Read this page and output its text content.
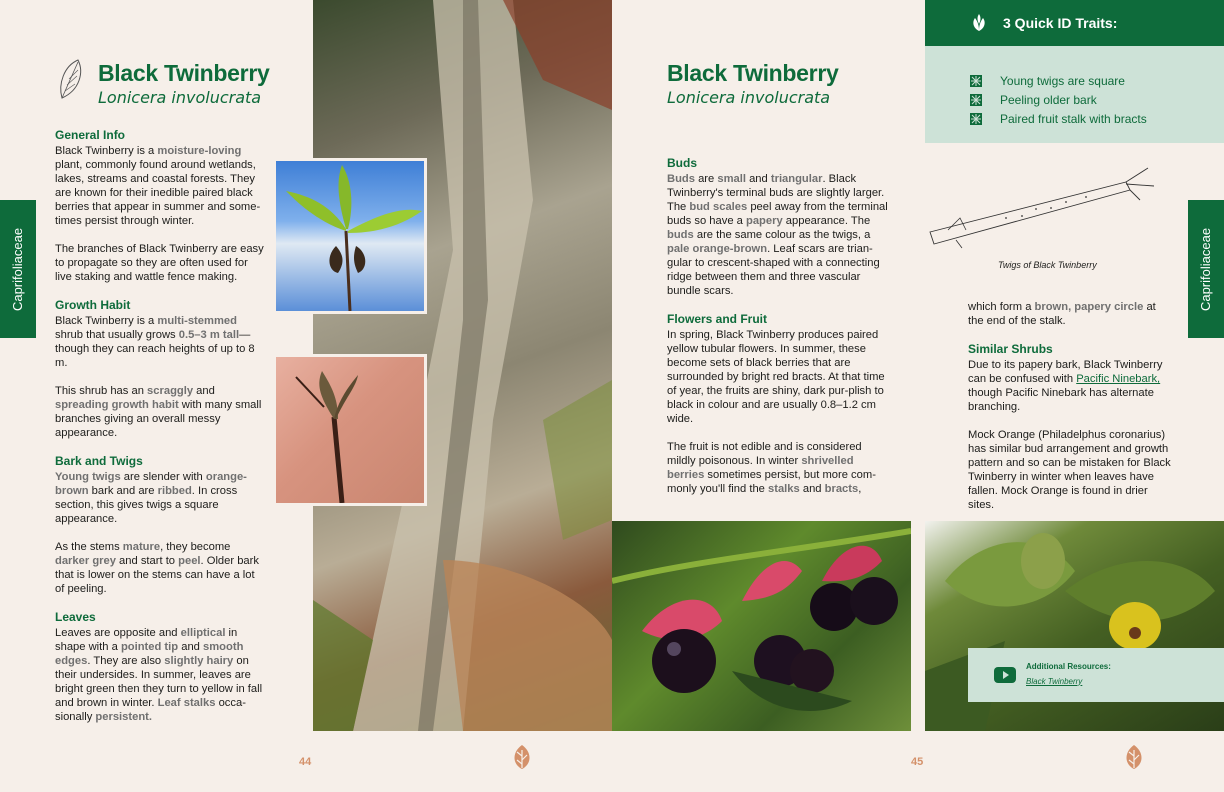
Black Twinberry

Lonicera involucrata

Caprifoliaceae
General Info

Black Twinberry is a moisture-loving plant, commonly found around wetlands, lakes, streams and coastal forests. They are known for their inedible paired black berries that appear in summer and some-times persist through winter.

The branches of Black Twinberry are easy to propagate so they are often used for live staking and wattle fence making.

Growth Habit

Black Twinberry is a multi-stemmed shrub that usually grows 0.5–3 m tall—though they can reach heights of up to 8 m.

This shrub has an scraggly and spreading growth habit with many small branches giving an overall messy appearance.

Bark and Twigs

Young twigs are slender with orange-brown bark and are ribbed. In cross section, this gives twigs a square appearance.

As the stems mature, they become darker grey and start to peel. Older bark that is lower on the stems can have a lot of peeling.

Leaves

Leaves are opposite and elliptical in shape with a pointed tip and smooth edges. They are also slightly hairy on their undersides. In summer, leaves are bright green then they turn to yellow in fall and brown in winter. Leaf stalks occa-sionally persistent.

44
Black Twinberry

Lonicera involucrata

Buds

Buds are small and triangular. Black Twinberry's terminal buds are slightly larger. The bud scales peel away from the terminal buds so have a papery appearance. The buds are the same colour as the twigs, a pale orange-brown. Leaf scars are trian-gular to crescent-shaped with a connecting ridge between them and three vascular bundle scars.

Flowers and Fruit

In spring, Black Twinberry produces paired yellow tubular flowers. In summer, these become sets of black berries that are surrounded by bright red bracts. At that time of year, the fruits are shiny, dark pur-plish to black in colour and are usually 0.8–1.2 cm wide.

The fruit is not edible and is considered mildly poisonous. In winter shrivelled berries sometimes persist, but more com-monly you'll find the stalks and bracts,

3 Quick ID Traits:
Young twigs are square
Peeling older bark
Paired fruit stalk with bracts
Twigs of Black Twinberry

which form a brown, papery circle at the end of the stalk.

Similar Shrubs

Due to its papery bark, Black Twinberry can be confused with Pacific Ninebark, though Pacific Ninebark has alternate branching.

Mock Orange (Philadelphus coronarius) has similar bud arrangement and growth pattern and so can be mistaken for Black Twinberry in winter when leaves have fallen. Mock Orange is found in drier sites.

Additional Resources:
Black Twinberry
Caprifoliaceae
45
